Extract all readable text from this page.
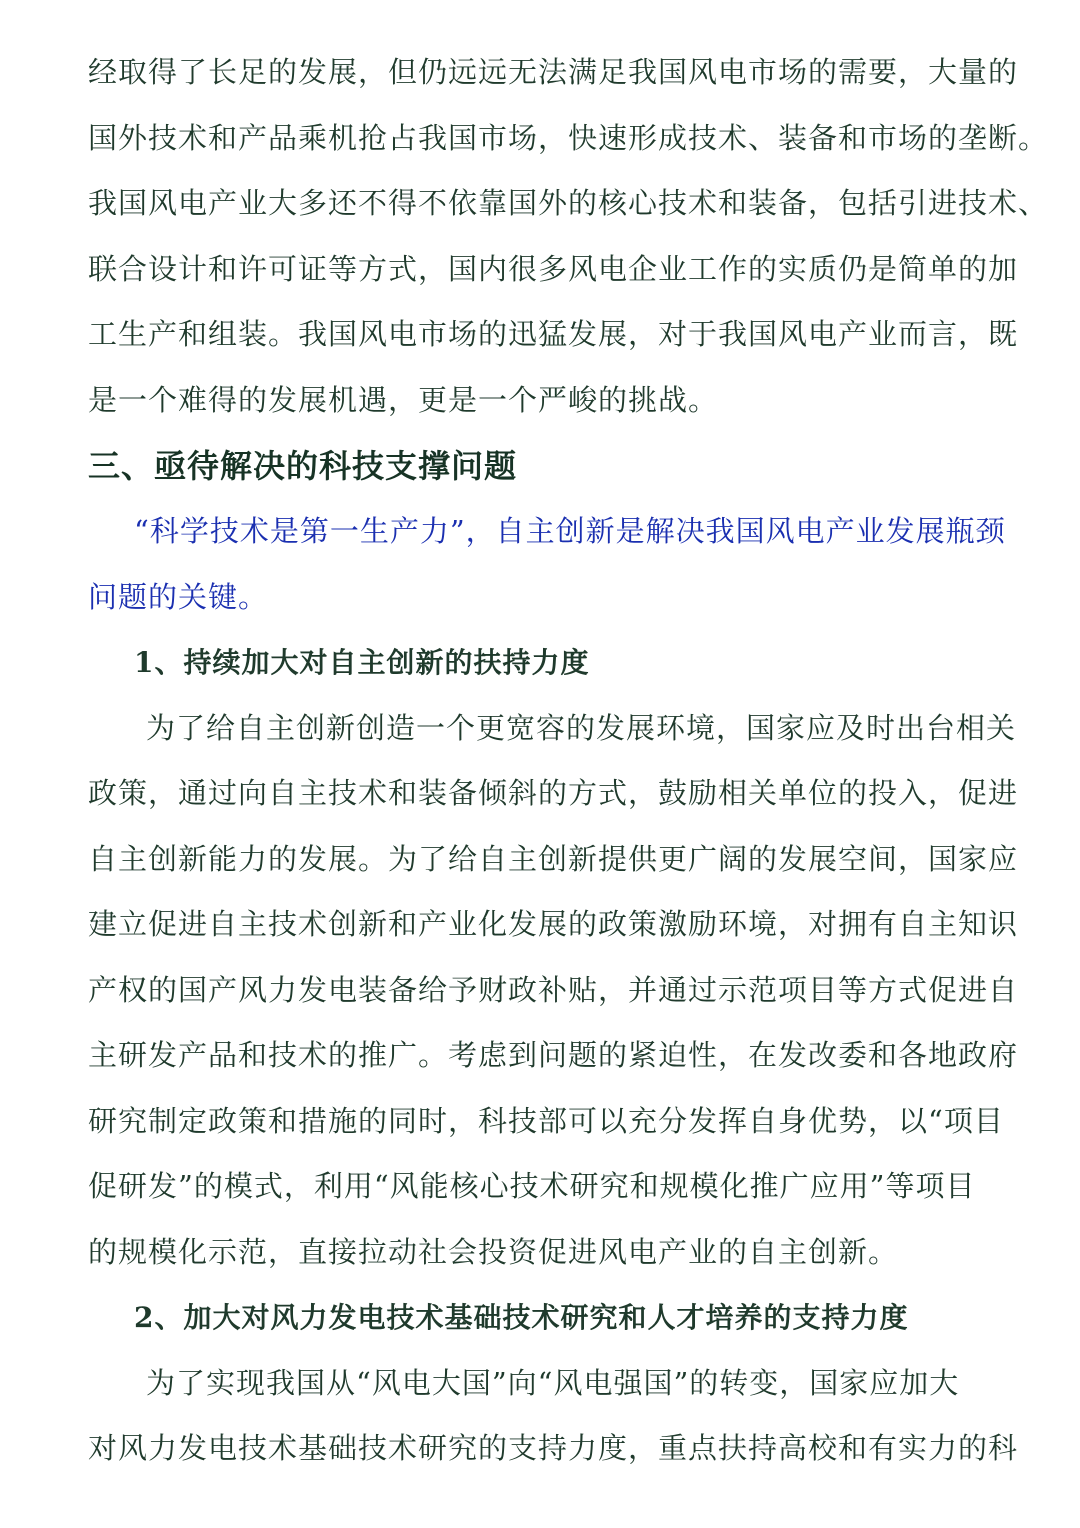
经取得了长足的发展，但仍远远无法满足我国风电市场的需要，大量的
国外技术和产品乘机抢占我国市场，快速形成技术、装备和市场的垄断。
我国风电产业大多还不得不依靠国外的核心技术和装备，包括引进技术、
联合设计和许可证等方式，国内很多风电企业工作的实质仍是简单的加
工生产和组装。我国风电市场的迅猛发展，对于我国风电产业而言，既
是一个难得的发展机遇，更是一个严峻的挑战。
三、亟待解决的科技支撑问题
“科学技术是第一生产力”，自主创新是解决我国风电产业发展瓶颈
问题的关键。
1、持续加大对自主创新的扶持力度
为了给自主创新创造一个更宽容的发展环境，国家应及时出台相关
政策，通过向自主技术和装备倾斜的方式，鼓励相关单位的投入，促进
自主创新能力的发展。为了给自主创新提供更广阔的发展空间，国家应
建立促进自主技术创新和产业化发展的政策激励环境，对拥有自主知识
产权的国产风力发电装备给予财政补贴，并通过示范项目等方式促进自
主研发产品和技术的推广。考虑到问题的紧迫性，在发改委和各地政府
研究制定政策和措施的同时，科技部可以充分发挥自身优势，以“项目
促研发”的模式，利用“风能核心技术研究和规模化推广应用”等项目
的规模化示范，直接拉动社会投资促进风电产业的自主创新。
2、加大对风力发电技术基础技术研究和人才培养的支持力度
为了实现我国从“风电大国”向“风电强国”的转变，国家应加大
对风力发电技术基础技术研究的支持力度，重点扶持高校和有实力的科
